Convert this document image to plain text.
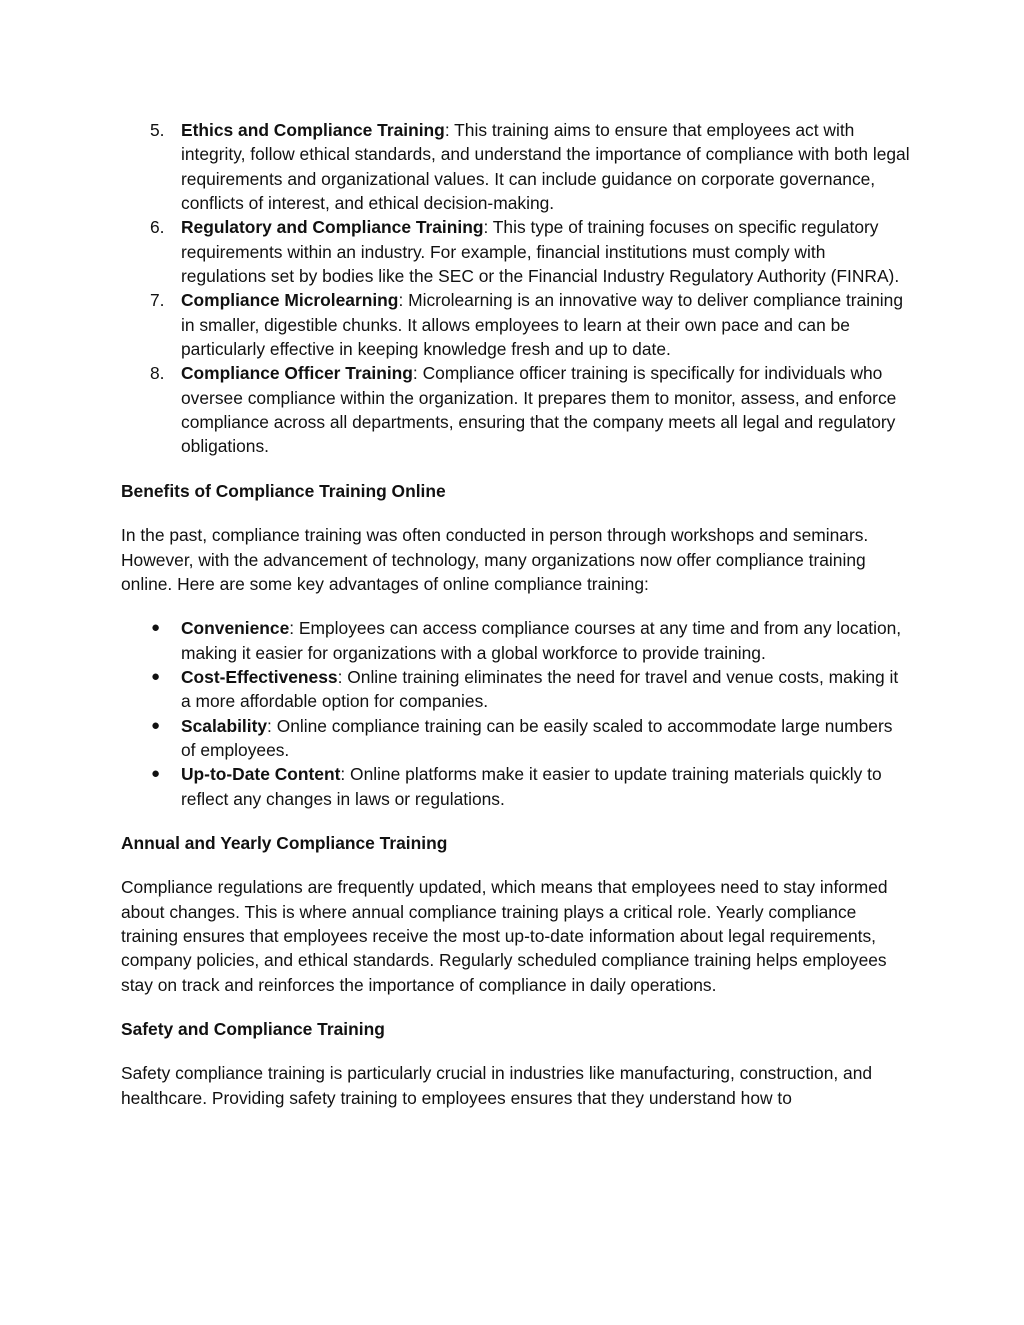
5. Ethics and Compliance Training: This training aims to ensure that employees act with integrity, follow ethical standards, and understand the importance of compliance with both legal requirements and organizational values. It can include guidance on corporate governance, conflicts of interest, and ethical decision-making.
6. Regulatory and Compliance Training: This type of training focuses on specific regulatory requirements within an industry. For example, financial institutions must comply with regulations set by bodies like the SEC or the Financial Industry Regulatory Authority (FINRA).
7. Compliance Microlearning: Microlearning is an innovative way to deliver compliance training in smaller, digestible chunks. It allows employees to learn at their own pace and can be particularly effective in keeping knowledge fresh and up to date.
8. Compliance Officer Training: Compliance officer training is specifically for individuals who oversee compliance within the organization. It prepares them to monitor, assess, and enforce compliance across all departments, ensuring that the company meets all legal and regulatory obligations.
Benefits of Compliance Training Online

In the past, compliance training was often conducted in person through workshops and seminars. However, with the advancement of technology, many organizations now offer compliance training online. Here are some key advantages of online compliance training:

● Convenience: Employees can access compliance courses at any time and from any location, making it easier for organizations with a global workforce to provide training.
● Cost-Effectiveness: Online training eliminates the need for travel and venue costs, making it a more affordable option for companies.
● Scalability: Online compliance training can be easily scaled to accommodate large numbers of employees.
● Up-to-Date Content: Online platforms make it easier to update training materials quickly to reflect any changes in laws or regulations.
Annual and Yearly Compliance Training

Compliance regulations are frequently updated, which means that employees need to stay informed about changes. This is where annual compliance training plays a critical role. Yearly compliance training ensures that employees receive the most up-to-date information about legal requirements, company policies, and ethical standards. Regularly scheduled compliance training helps employees stay on track and reinforces the importance of compliance in daily operations.

Safety and Compliance Training

Safety compliance training is particularly crucial in industries like manufacturing, construction, and healthcare. Providing safety training to employees ensures that they understand how to
